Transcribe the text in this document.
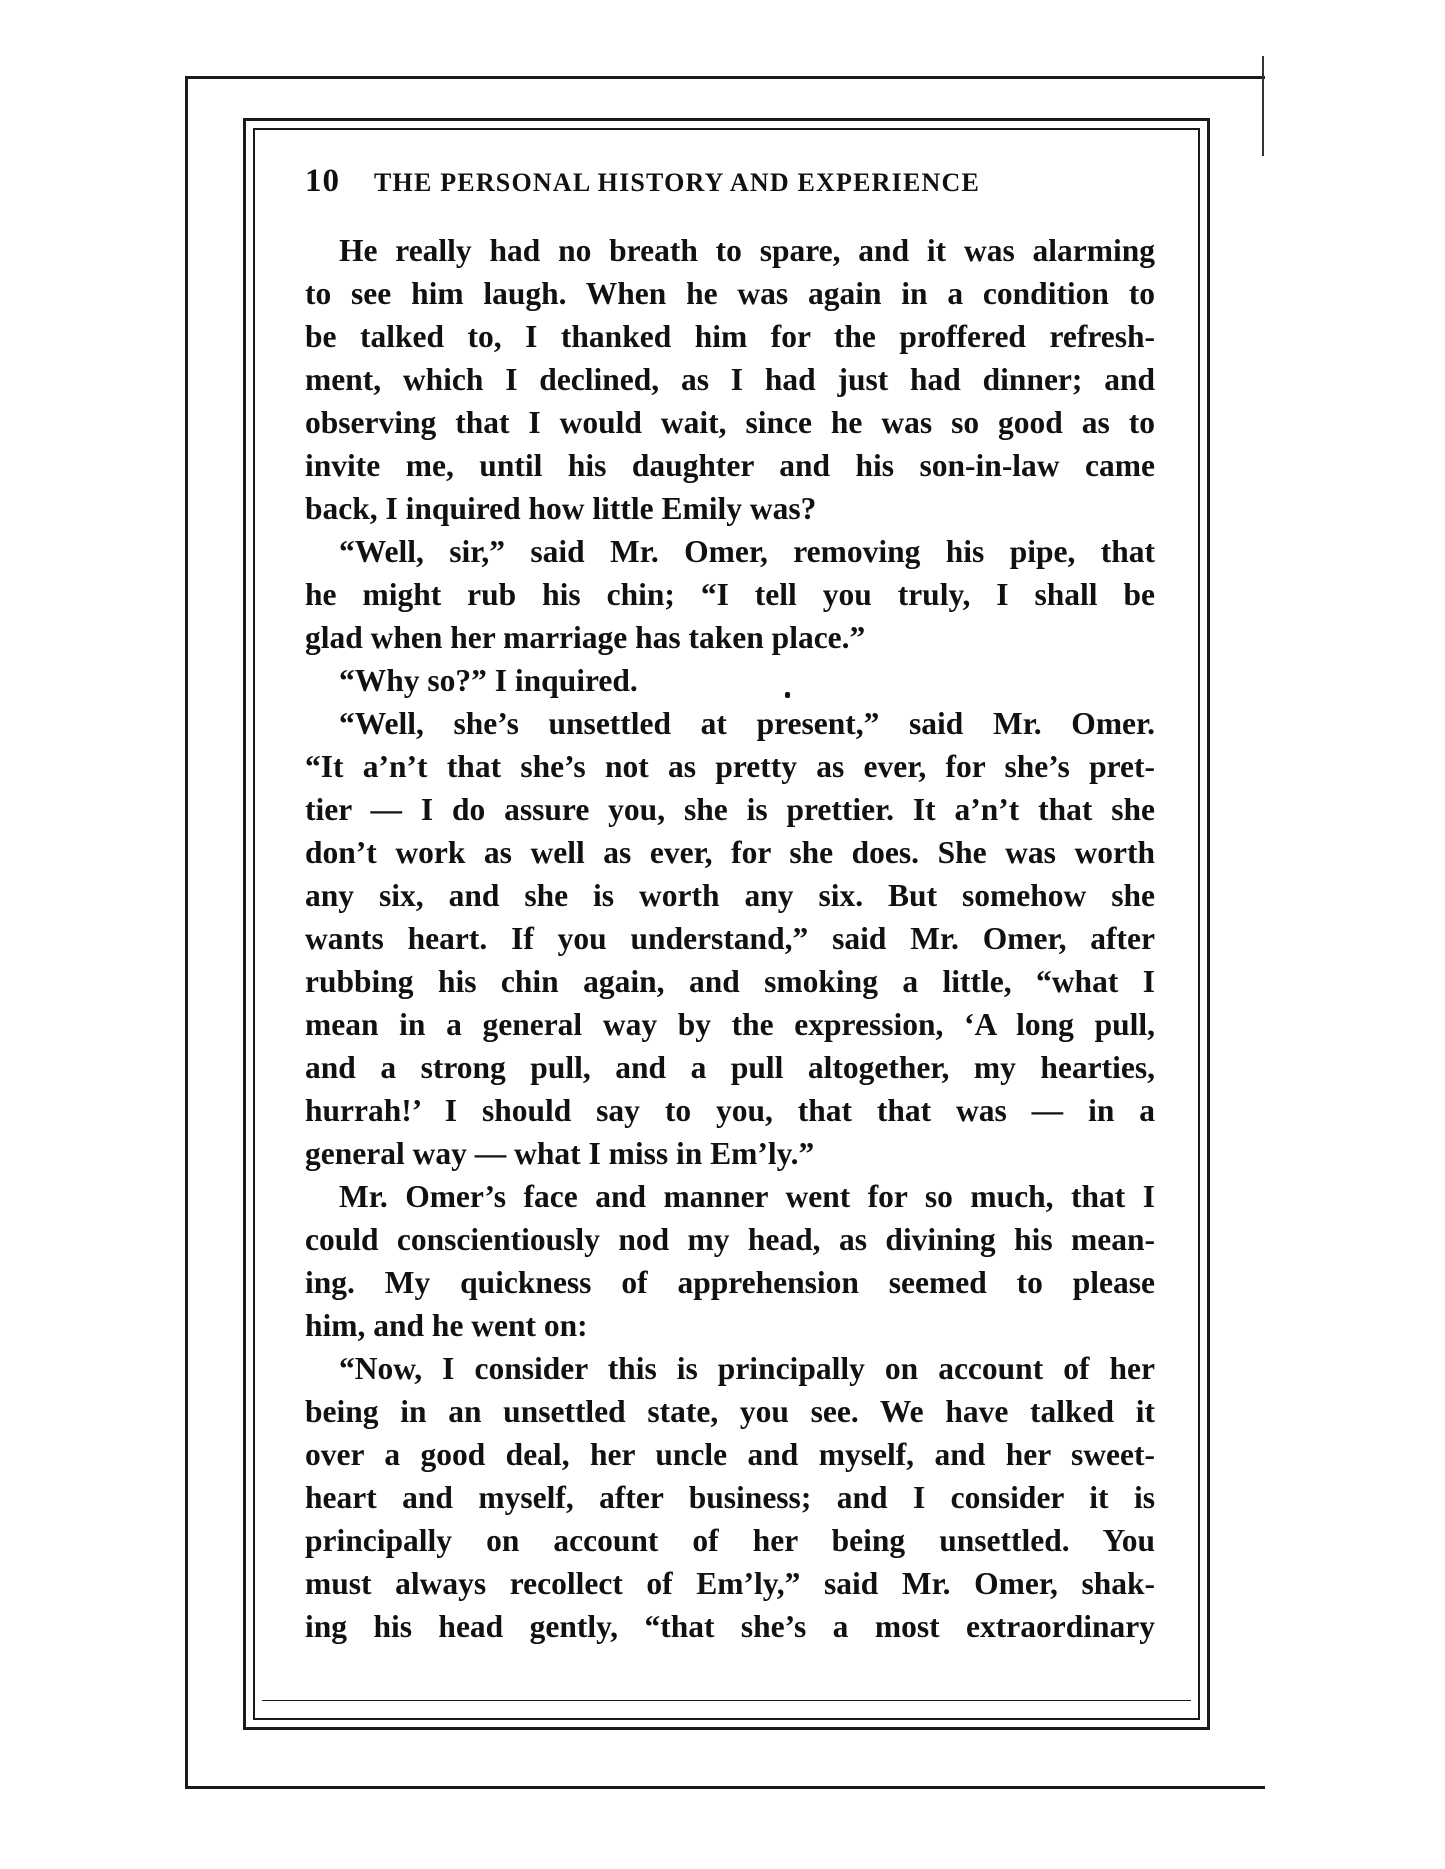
10 THE PERSONAL HISTORY AND EXPERIENCE
He really had no breath to spare, and it was alarming
to see him laugh. When he was again in a condition to
be talked to, I thanked him for the proffered refresh-
ment, which I declined, as I had just had dinner; and
observing that I would wait, since he was so good as to
invite me, until his daughter and his son-in-law came
back, I inquired how little Emily was?
“Well, sir,” said Mr. Omer, removing his pipe, that
he might rub his chin; “I tell you truly, I shall be
glad when her marriage has taken place.”
“Why so?” I inquired.
“Well, she’s unsettled at present,” said Mr. Omer.
“It a’n’t that she’s not as pretty as ever, for she’s pret-
tier — I do assure you, she is prettier. It a’n’t that she
don’t work as well as ever, for she does. She was worth
any six, and she is worth any six. But somehow she
wants heart. If you understand,” said Mr. Omer, after
rubbing his chin again, and smoking a little, “what I
mean in a general way by the expression, ‘A long pull,
and a strong pull, and a pull altogether, my hearties,
hurrah!’ I should say to you, that that was — in a
general way — what I miss in Em’ly.”
Mr. Omer’s face and manner went for so much, that I
could conscientiously nod my head, as divining his mean-
ing. My quickness of apprehension seemed to please
him, and he went on:
“Now, I consider this is principally on account of her
being in an unsettled state, you see. We have talked it
over a good deal, her uncle and myself, and her sweet-
heart and myself, after business; and I consider it is
principally on account of her being unsettled. You
must always recollect of Em’ly,” said Mr. Omer, shak-
ing his head gently, “that she’s a most extraordinary
